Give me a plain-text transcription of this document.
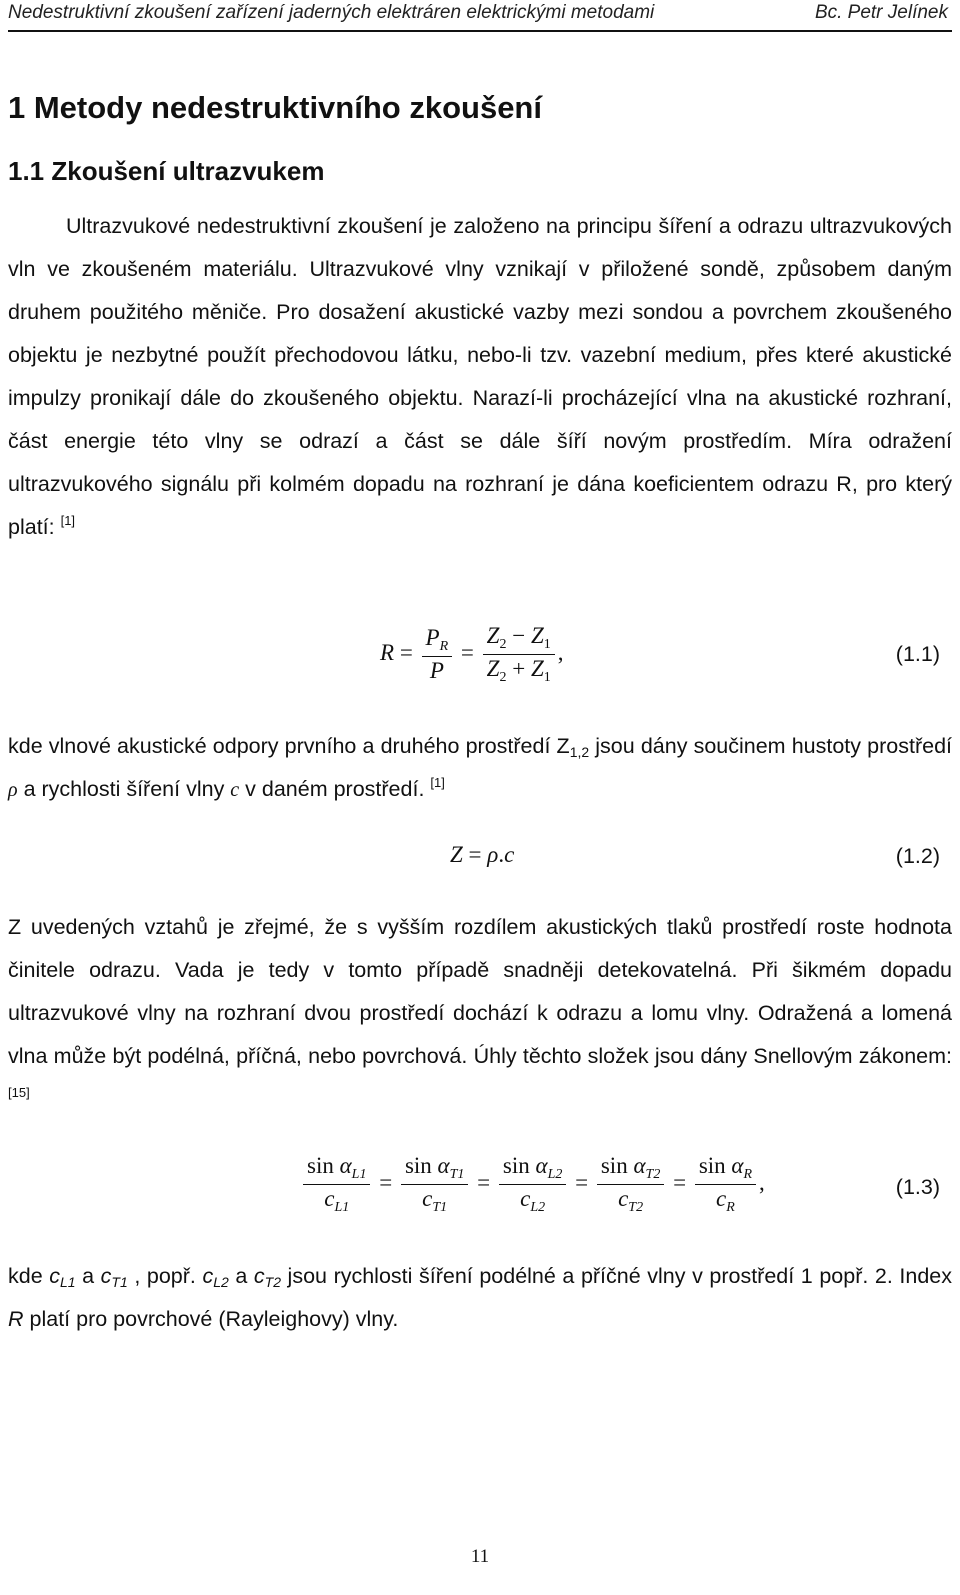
Nedestruktivní zkoušení zařízení jaderných elektráren elektrickými metodami	Bc. Petr Jelínek
1 Metody nedestruktivního zkoušení
1.1 Zkoušení ultrazvukem
Ultrazvukové nedestruktivní zkoušení je založeno na principu šíření a odrazu ultrazvukových vln ve zkoušeném materiálu. Ultrazvukové vlny vznikají v přiložené sondě, způsobem daným druhem použitého měniče. Pro dosažení akustické vazby mezi sondou a povrchem zkoušeného objektu je nezbytné použít přechodovou látku, nebo-li tzv. vazební medium, přes které akustické impulzy pronikají dále do zkoušeného objektu. Narazí-li procházející vlna na akustické rozhraní, část energie této vlny se odrazí a část se dále šíří novým prostředím. Míra odražení ultrazvukového signálu při kolmém dopadu na rozhraní je dána koeficientem odrazu R, pro který platí: [1]
$R = \frac{P_R}{P} = \frac{Z_2 - Z_1}{Z_2 + Z_1}$ ,	(1.1)
kde vlnové akustické odpory prvního a druhého prostředí $Z_{1,2}$ jsou dány součinem hustoty prostředí ρ a rychlosti šíření vlny c v daném prostředí. [1]
Z = ρ.c	(1.2)
Z uvedených vztahů je zřejmé, že s vyšším rozdílem akustických tlaků prostředí roste hodnota činitele odrazu. Vada je tedy v tomto případě snadněji detekovatelná. Při šikmém dopadu ultrazvukové vlny na rozhraní dvou prostředí dochází k odrazu a lomu vlny. Odražená a lomená vlna může být podélná, příčná, nebo povrchová. Úhly těchto složek jsou dány Snellovým zákonem: [15]
$\frac{\sin \alpha_{L1}}{c_{L1}} = \frac{\sin \alpha_{T1}}{c_{T1}} = \frac{\sin \alpha_{L2}}{c_{L2}} = \frac{\sin \alpha_{T2}}{c_{T2}} = \frac{\sin \alpha_R}{c_R}$ ,	(1.3)
kde cL1 a cT1 , popř. cL2 a cT2 jsou rychlosti šíření podélné a příčné vlny v prostředí 1 popř. 2. Index R platí pro povrchové (Rayleighovy) vlny.
11
